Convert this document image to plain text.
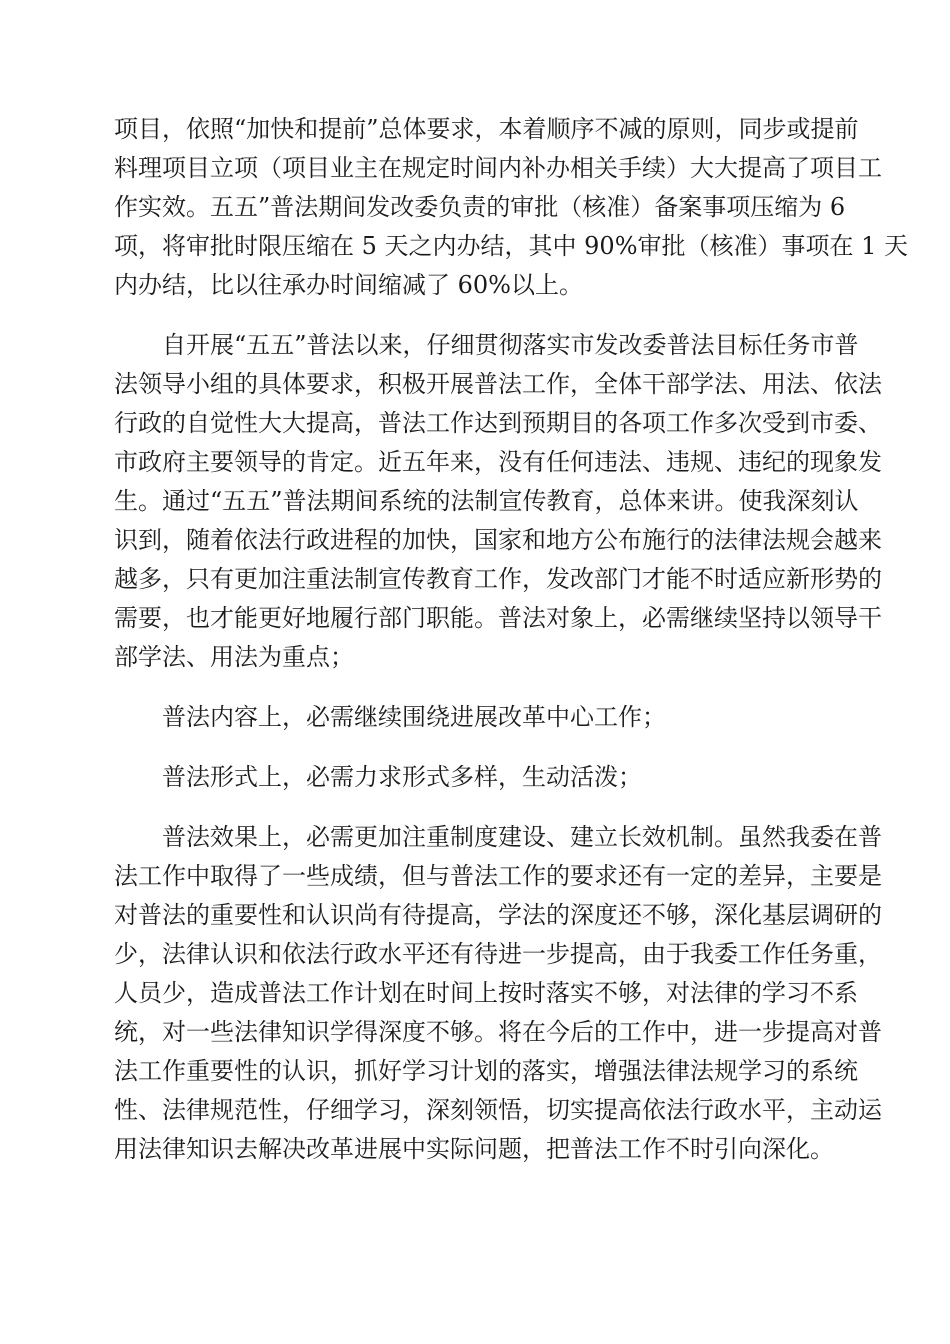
项目，依照“加快和提前”总体要求，本着顺序不减的原则，同步或提前
料理项目立项（项目业主在规定时间内补办相关手续）大大提高了项目工
作实效。五五”普法期间发改委负责的审批（核准）备案事项压缩为 6
项，将审批时限压缩在 5 天之内办结，其中 90%审批（核准）事项在 1 天
内办结，比以往承办时间缩减了 60%以上。
自开展“五五”普法以来，仔细贯彻落实市发改委普法目标任务市普
法领导小组的具体要求，积极开展普法工作，全体干部学法、用法、依法
行政的自觉性大大提高，普法工作达到预期目的各项工作多次受到市委、
市政府主要领导的肯定。近五年来，没有任何违法、违规、违纪的现象发
生。通过“五五”普法期间系统的法制宣传教育，总体来讲。使我深刻认
识到，随着依法行政进程的加快，国家和地方公布施行的法律法规会越来
越多，只有更加注重法制宣传教育工作，发改部门才能不时适应新形势的
需要，也才能更好地履行部门职能。普法对象上，必需继续坚持以领导干
部学法、用法为重点；
普法内容上，必需继续围绕进展改革中心工作；
普法形式上，必需力求形式多样，生动活泼；
普法效果上，必需更加注重制度建设、建立长效机制。虽然我委在普
法工作中取得了一些成绩，但与普法工作的要求还有一定的差异，主要是
对普法的重要性和认识尚有待提高，学法的深度还不够，深化基层调研的
少，法律认识和依法行政水平还有待进一步提高，由于我委工作任务重，
人员少，造成普法工作计划在时间上按时落实不够，对法律的学习不系
统，对一些法律知识学得深度不够。将在今后的工作中，进一步提高对普
法工作重要性的认识，抓好学习计划的落实，增强法律法规学习的系统
性、法律规范性，仔细学习，深刻领悟，切实提高依法行政水平，主动运
用法律知识去解决改革进展中实际问题，把普法工作不时引向深化。
